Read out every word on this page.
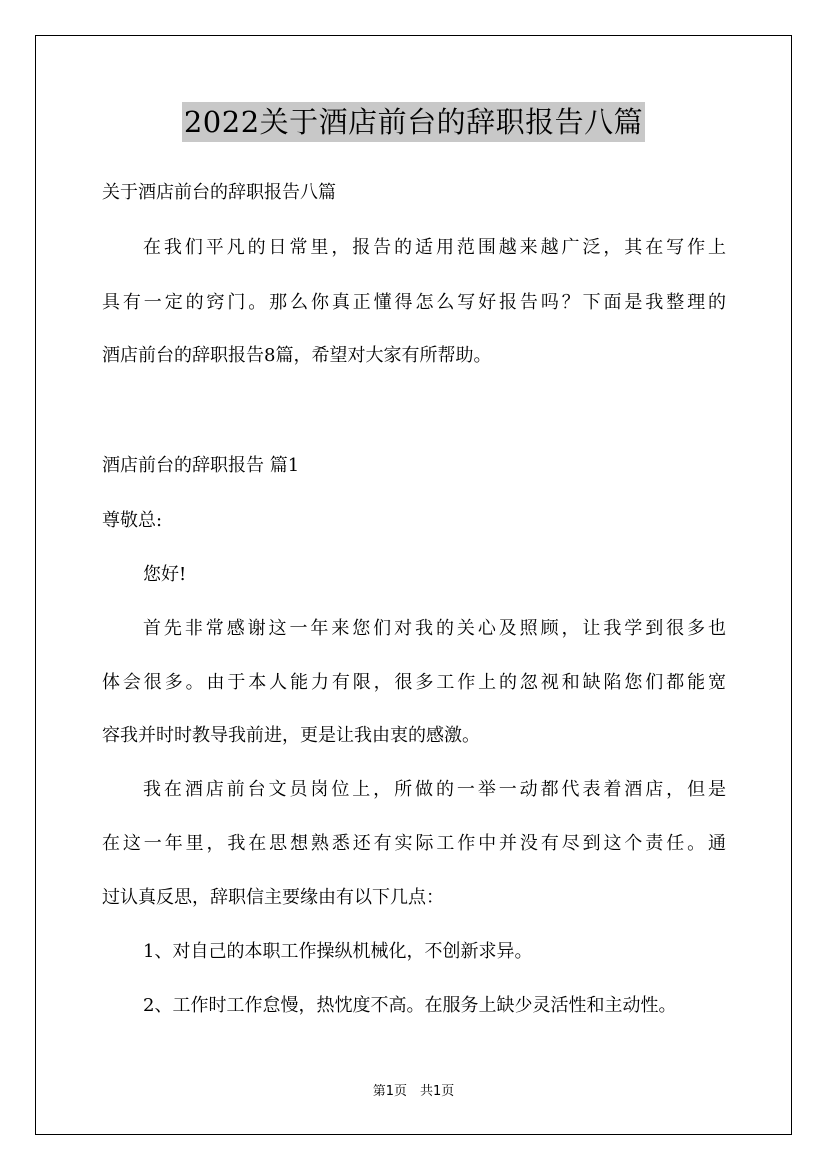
2022关于酒店前台的辞职报告八篇
关于酒店前台的辞职报告八篇
在我们平凡的日常里，报告的适用范围越来越广泛，其在写作上
具有一定的窍门。那么你真正懂得怎么写好报告吗？下面是我整理的
酒店前台的辞职报告8篇，希望对大家有所帮助。
酒店前台的辞职报告 篇1
尊敬总:
您好!
首先非常感谢这一年来您们对我的关心及照顾，让我学到很多也
体会很多。由于本人能力有限，很多工作上的忽视和缺陷您们都能宽
容我并时时教导我前进，更是让我由衷的感激。
我在酒店前台文员岗位上，所做的一举一动都代表着酒店，但是
在这一年里，我在思想熟悉还有实际工作中并没有尽到这个责任。通
过认真反思，辞职信主要缘由有以下几点：
1、对自己的本职工作操纵机械化，不创新求异。
2、工作时工作怠慢，热忱度不高。在服务上缺少灵活性和主动性。
第1页　共1页
